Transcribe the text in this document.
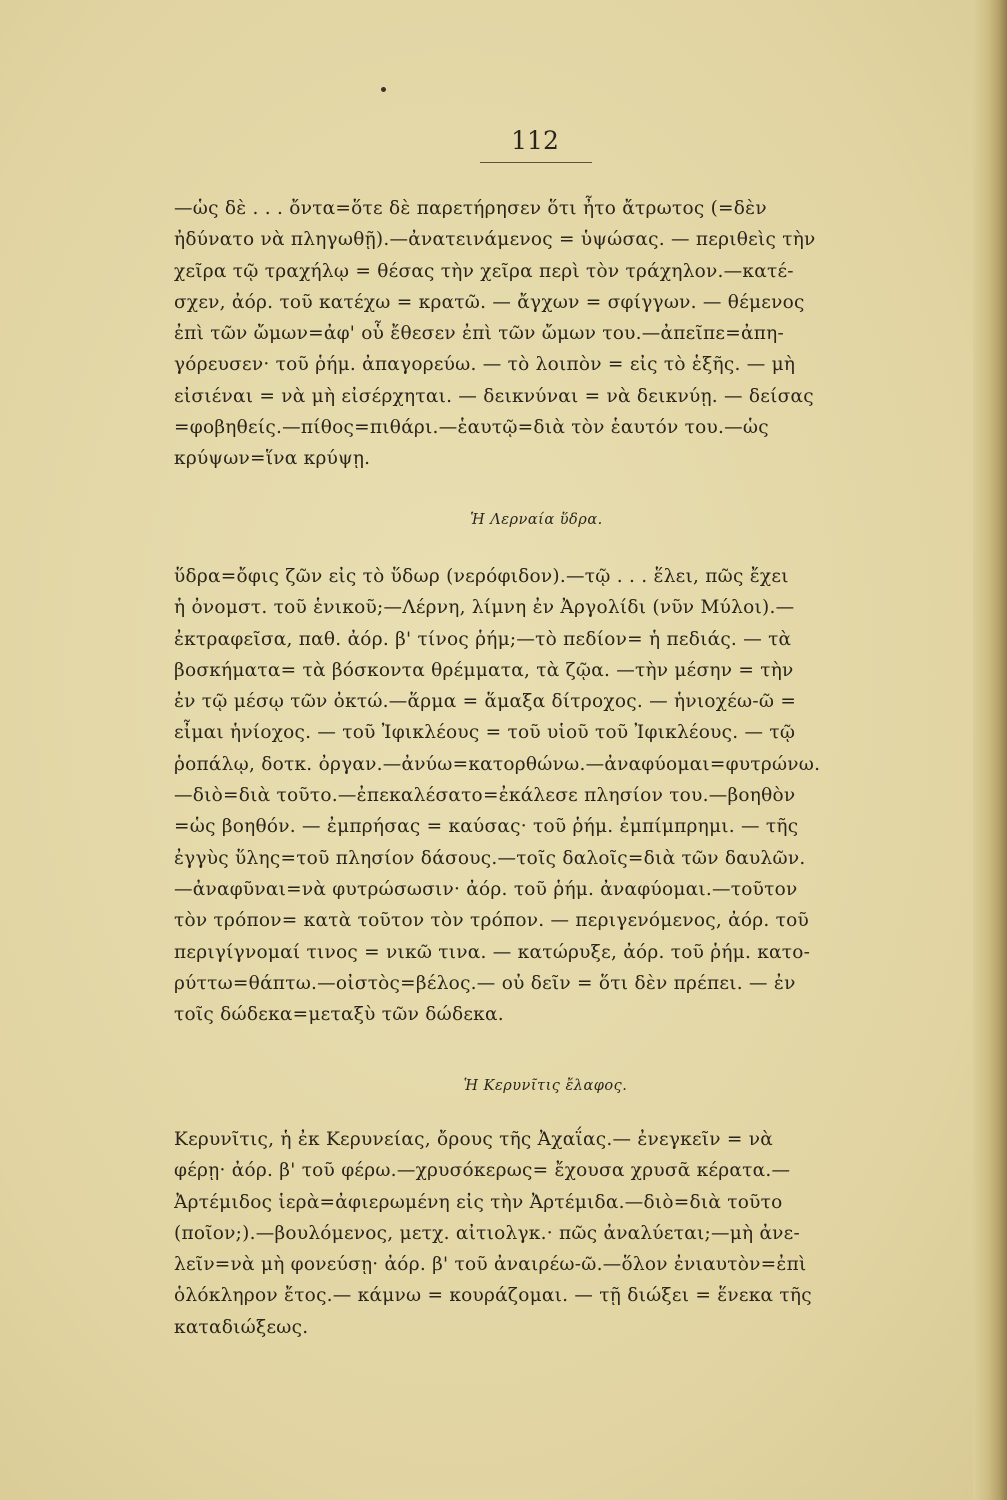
112
—ὡς δὲ . . . ὄντα=ὅτε δὲ παρετήρησεν ὅτι ἦτο ἄτρωτος (=δὲν
ἠδύνατο νὰ πληγωθῇ).—ἀνατεινάμενος = ὑψώσας. — περιθεὶς τὴν
χεῖρα τῷ τραχήλῳ = θέσας τὴν χεῖρα περὶ τὸν τράχηλον.—κατέ-
σχεν, ἀόρ. τοῦ κατέχω = κρατῶ. — ἄγχων = σφίγγων. — θέμενος
ἐπὶ τῶν ὤμων=ἀφ' οὗ ἔθεσεν ἐπὶ τῶν ὤμων του.—ἀπεῖπε=ἀπη-
γόρευσεν· τοῦ ῥήμ. ἀπαγορεύω. — τὸ λοιπὸν = εἰς τὸ ἑξῆς. — μὴ
εἰσιέναι = νὰ μὴ εἰσέρχηται. — δεικνύναι = νὰ δεικνύῃ. — δείσας
=φοβηθείς.—πίθος=πιθάρι.—ἑαυτῷ=διὰ τὸν ἑαυτόν του.—ὡς
κρύψων=ἵνα κρύψῃ.
Ἡ Λερναία ὕδρα.
ὕδρα=ὄφις ζῶν εἰς τὸ ὕδωρ (νερόφιδον).—τῷ . . . ἕλει, πῶς ἔχει
ἡ ὀνομστ. τοῦ ἑνικοῦ;—Λέρνη, λίμνη ἐν Ἀργολίδι (νῦν Μύλοι).—
ἐκτραφεῖσα, παθ. ἀόρ. β' τίνος ῥήμ;—τὸ πεδίον= ἡ πεδιάς. — τὰ
βοσκήματα= τὰ βόσκοντα θρέμματα, τὰ ζῷα. —τὴν μέσην = τὴν
ἐν τῷ μέσῳ τῶν ὀκτώ.—ἅρμα = ἅμαξα δίτροχος. — ἡνιοχέω-ῶ =
εἶμαι ἡνίοχος. — τοῦ Ἰφικλέους = τοῦ υἱοῦ τοῦ Ἰφικλέους. — τῷ
ῥοπάλῳ, δοτκ. ὀργαν.—ἀνύω=κατορθώνω.—ἀναφύομαι=φυτρώνω.
—διὸ=διὰ τοῦτο.—ἐπεκαλέσατο=ἐκάλεσε πλησίον του.—βοηθὸν
=ὡς βοηθόν. — ἐμπρήσας = καύσας· τοῦ ῥήμ. ἐμπίμπρημι. — τῆς
ἐγγὺς ὕλης=τοῦ πλησίον δάσους.—τοῖς δαλοῖς=διὰ τῶν δαυλῶν.
—ἀναφῦναι=νὰ φυτρώσωσιν· ἀόρ. τοῦ ῥήμ. ἀναφύομαι.—τοῦτον
τὸν τρόπον= κατὰ τοῦτον τὸν τρόπον. — περιγενόμενος, ἀόρ. τοῦ
περιγίγνομαί τινος = νικῶ τινα. — κατώρυξε, ἀόρ. τοῦ ῥήμ. κατο-
ρύττω=θάπτω.—οἰστὸς=βέλος.— οὐ δεῖν = ὅτι δὲν πρέπει. — ἐν
τοῖς δώδεκα=μεταξὺ τῶν δώδεκα.
Ἡ Κερυνῖτις ἔλαφος.
Κερυνῖτις, ἡ ἐκ Κερυνείας, ὄρους τῆς Ἀχαΐας.— ἐνεγκεῖν = νὰ
φέρῃ· ἀόρ. β' τοῦ φέρω.—χρυσόκερως= ἔχουσα χρυσᾶ κέρατα.—
Ἀρτέμιδος ἱερὰ=ἀφιερωμένη εἰς τὴν Ἀρτέμιδα.—διὸ=διὰ τοῦτο
(ποῖον;).—βουλόμενος, μετχ. αἰτιολγκ.· πῶς ἀναλύεται;—μὴ ἀνε-
λεῖν=νὰ μὴ φονεύσῃ· ἀόρ. β' τοῦ ἀναιρέω-ῶ.—ὅλον ἐνιαυτὸν=ἐπὶ
ὁλόκληρον ἔτος.— κάμνω = κουράζομαι. — τῇ διώξει = ἕνεκα τῆς
καταδιώξεως.
